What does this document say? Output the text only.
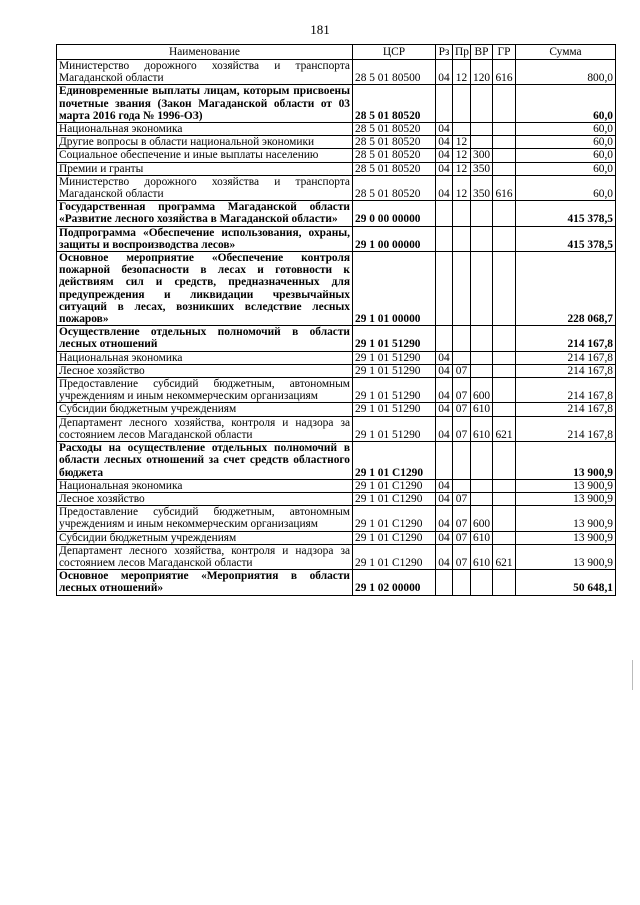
181
Наименование	ЦСР	Рз	Пр	ВР	ГР	Сумма
Министерство дорожного хозяйства и транспорта Магаданской области	28 5 01 80500	04	12	120	616	800,0
Единовременные выплаты лицам, которым присвоены почетные звания (Закон Магаданской области от 03 марта 2016 года № 1996-ОЗ)	28 5 01 80520					60,0
Национальная экономика	28 5 01 80520	04				60,0
Другие вопросы в области национальной экономики	28 5 01 80520	04	12			60,0
Социальное обеспечение и иные выплаты населению	28 5 01 80520	04	12	300		60,0
Премии и гранты	28 5 01 80520	04	12	350		60,0
Министерство дорожного хозяйства и транспорта Магаданской области	28 5 01 80520	04	12	350	616	60,0
Государственная программа Магаданской области «Развитие лесного хозяйства в Магаданской области»	29 0 00 00000					415 378,5
Подпрограмма «Обеспечение использования, охраны, защиты и воспроизводства лесов»	29 1 00 00000					415 378,5
Основное мероприятие «Обеспечение контроля пожарной безопасности в лесах и готовности к действиям сил и средств, предназначенных для предупреждения и ликвидации чрезвычайных ситуаций в лесах, возникших вследствие лесных пожаров»	29 1 01 00000					228 068,7
Осуществление отдельных полномочий в области лесных отношений	29 1 01 51290					214 167,8
Национальная экономика	29 1 01 51290	04				214 167,8
Лесное хозяйство	29 1 01 51290	04	07			214 167,8
Предоставление субсидий бюджетным, автономным учреждениям и иным некоммерческим организациям	29 1 01 51290	04	07	600		214 167,8
Субсидии бюджетным учреждениям	29 1 01 51290	04	07	610		214 167,8
Департамент лесного хозяйства, контроля и надзора за состоянием лесов Магаданской области	29 1 01 51290	04	07	610	621	214 167,8
Расходы на осуществление отдельных полномочий в области лесных отношений за счет средств областного бюджета	29 1 01 С1290					13 900,9
Национальная экономика	29 1 01 С1290	04				13 900,9
Лесное хозяйство	29 1 01 С1290	04	07			13 900,9
Предоставление субсидий бюджетным, автономным учреждениям и иным некоммерческим организациям	29 1 01 С1290	04	07	600		13 900,9
Субсидии бюджетным учреждениям	29 1 01 С1290	04	07	610		13 900,9
Департамент лесного хозяйства, контроля и надзора за состоянием лесов Магаданской области	29 1 01 С1290	04	07	610	621	13 900,9
Основное мероприятие «Мероприятия в области лесных отношений»	29 1 02 00000					50 648,1
